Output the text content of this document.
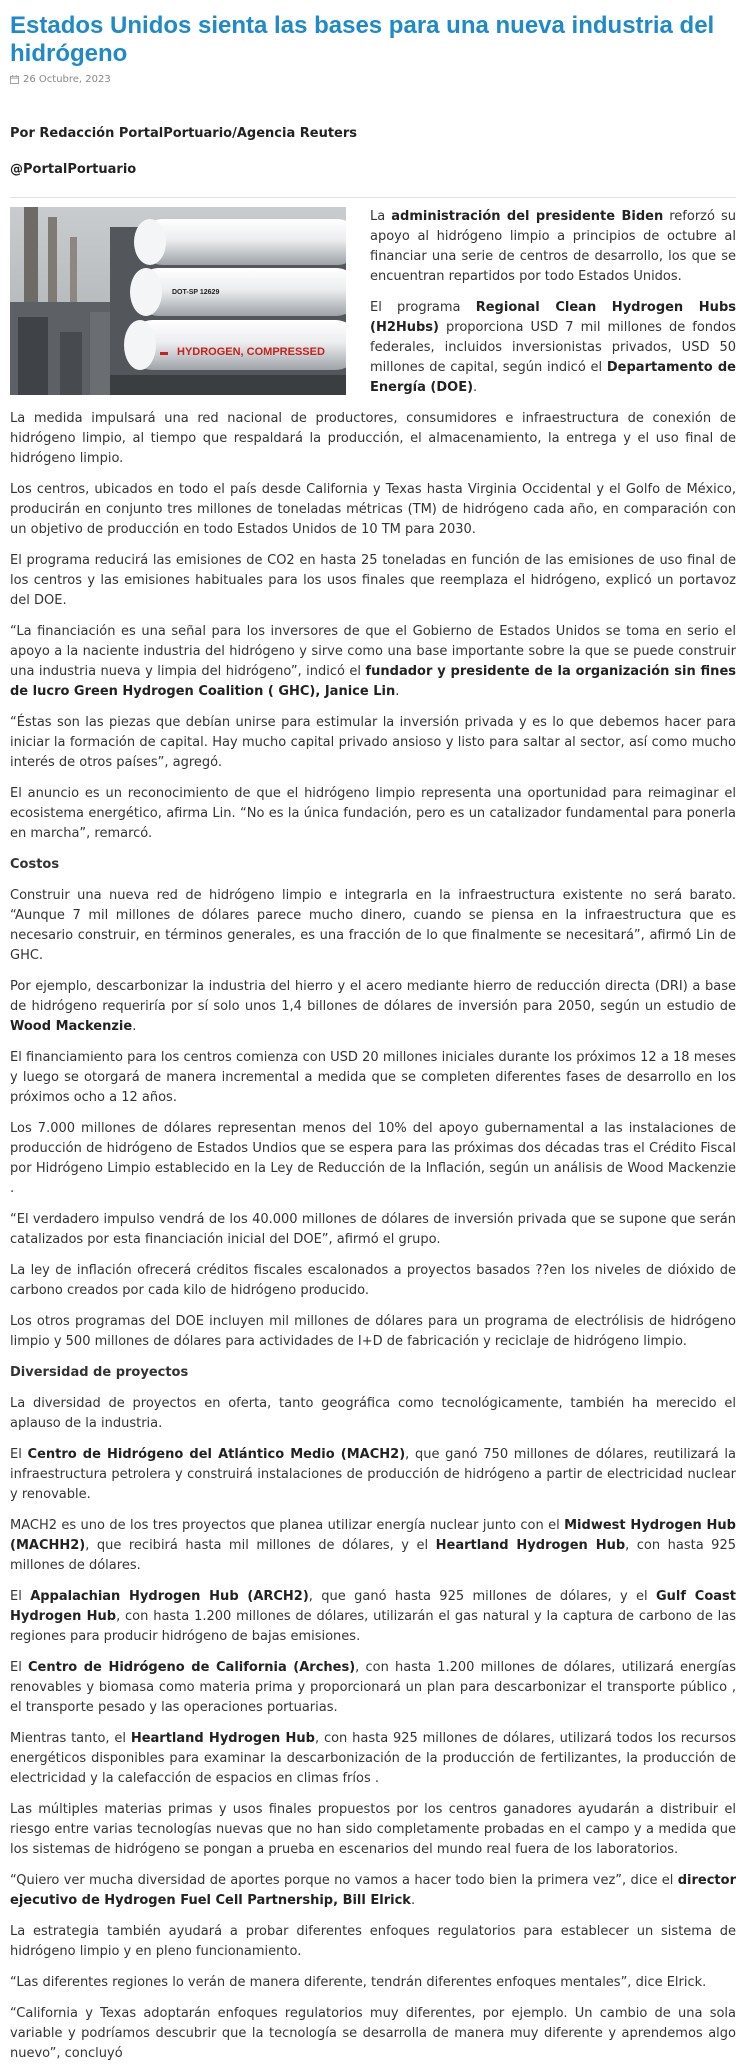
Estados Unidos sienta las bases para una nueva industria del hidrógeno
26 Octubre, 2023

Por Redacción PortalPortuario/Agencia Reuters

@PortalPortuario

DOT-SP 12629
HYDROGEN, COMPRESSED

La administración del presidente Biden reforzó su apoyo al hidrógeno limpio a principios de octubre al financiar una serie de centros de desarrollo, los que se encuentran repartidos por todo Estados Unidos.

El programa Regional Clean Hydrogen Hubs (H2Hubs) proporciona USD 7 mil millones de fondos federales, incluidos inversionistas privados, USD 50 millones de capital, según indicó el Departamento de Energía (DOE).

La medida impulsará una red nacional de productores, consumidores e infraestructura de conexión de hidrógeno limpio, al tiempo que respaldará la producción, el almacenamiento, la entrega y el uso final de hidrógeno limpio.

Los centros, ubicados en todo el país desde California y Texas hasta Virginia Occidental y el Golfo de México, producirán en conjunto tres millones de toneladas métricas (TM) de hidrógeno cada año, en comparación con un objetivo de producción en todo Estados Unidos de 10 TM para 2030.

El programa reducirá las emisiones de CO2 en hasta 25 toneladas en función de las emisiones de uso final de los centros y las emisiones habituales para los usos finales que reemplaza el hidrógeno, explicó un portavoz del DOE.

“La financiación es una señal para los inversores de que el Gobierno de Estados Unidos se toma en serio el apoyo a la naciente industria del hidrógeno y sirve como una base importante sobre la que se puede construir una industria nueva y limpia del hidrógeno”, indicó el fundador y presidente de la organización sin fines de lucro Green Hydrogen Coalition ( GHC), Janice Lin.

“Éstas son las piezas que debían unirse para estimular la inversión privada y es lo que debemos hacer para iniciar la formación de capital. Hay mucho capital privado ansioso y listo para saltar al sector, así como mucho interés de otros países”, agregó.

El anuncio es un reconocimiento de que el hidrógeno limpio representa una oportunidad para reimaginar el ecosistema energético, afirma Lin. “No es la única fundación, pero es un catalizador fundamental para ponerla en marcha”, remarcó.

Costos

Construir una nueva red de hidrógeno limpio e integrarla en la infraestructura existente no será barato. “Aunque 7 mil millones de dólares parece mucho dinero, cuando se piensa en la infraestructura que es necesario construir, en términos generales, es una fracción de lo que finalmente se necesitará”, afirmó Lin de GHC.

Por ejemplo, descarbonizar la industria del hierro y el acero mediante hierro de reducción directa (DRI) a base de hidrógeno requeriría por sí solo unos 1,4 billones de dólares de inversión para 2050, según un estudio de Wood Mackenzie.

El financiamiento para los centros comienza con USD 20 millones iniciales durante los próximos 12 a 18 meses y luego se otorgará de manera incremental a medida que se completen diferentes fases de desarrollo en los próximos ocho a 12 años.

Los 7.000 millones de dólares representan menos del 10% del apoyo gubernamental a las instalaciones de producción de hidrógeno de Estados Undios que se espera para las próximas dos décadas tras el Crédito Fiscal por Hidrógeno Limpio establecido en la Ley de Reducción de la Inflación, según un análisis de Wood Mackenzie .

“El verdadero impulso vendrá de los 40.000 millones de dólares de inversión privada que se supone que serán catalizados por esta financiación inicial del DOE”, afirmó el grupo.

La ley de inflación ofrecerá créditos fiscales escalonados a proyectos basados ??en los niveles de dióxido de carbono creados por cada kilo de hidrógeno producido.

Los otros programas del DOE incluyen mil millones de dólares para un programa de electrólisis de hidrógeno limpio y 500 millones de dólares para actividades de I+D de fabricación y reciclaje de hidrógeno limpio.

Diversidad de proyectos

La diversidad de proyectos en oferta, tanto geográfica como tecnológicamente, también ha merecido el aplauso de la industria.

El Centro de Hidrógeno del Atlántico Medio (MACH2), que ganó 750 millones de dólares, reutilizará la infraestructura petrolera y construirá instalaciones de producción de hidrógeno a partir de electricidad nuclear y renovable.

MACH2 es uno de los tres proyectos que planea utilizar energía nuclear junto con el Midwest Hydrogen Hub (MACHH2), que recibirá hasta mil millones de dólares, y el Heartland Hydrogen Hub, con hasta 925 millones de dólares.

El Appalachian Hydrogen Hub (ARCH2), que ganó hasta 925 millones de dólares, y el Gulf Coast Hydrogen Hub, con hasta 1.200 millones de dólares, utilizarán el gas natural y la captura de carbono de las regiones para producir hidrógeno de bajas emisiones.

El Centro de Hidrógeno de California (Arches), con hasta 1.200 millones de dólares, utilizará energías renovables y biomasa como materia prima y proporcionará un plan para descarbonizar el transporte público , el transporte pesado y las operaciones portuarias.

Mientras tanto, el Heartland Hydrogen Hub, con hasta 925 millones de dólares, utilizará todos los recursos energéticos disponibles para examinar la descarbonización de la producción de fertilizantes, la producción de electricidad y la calefacción de espacios en climas fríos .

Las múltiples materias primas y usos finales propuestos por los centros ganadores ayudarán a distribuir el riesgo entre varias tecnologías nuevas que no han sido completamente probadas en el campo y a medida que los sistemas de hidrógeno se pongan a prueba en escenarios del mundo real fuera de los laboratorios.

“Quiero ver mucha diversidad de aportes porque no vamos a hacer todo bien la primera vez”, dice el director ejecutivo de Hydrogen Fuel Cell Partnership, Bill Elrick.

La estrategia también ayudará a probar diferentes enfoques regulatorios para establecer un sistema de hidrógeno limpio y en pleno funcionamiento.

“Las diferentes regiones lo verán de manera diferente, tendrán diferentes enfoques mentales”, dice Elrick.

“California y Texas adoptarán enfoques regulatorios muy diferentes, por ejemplo. Un cambio de una sola variable y podríamos descubrir que la tecnología se desarrolla de manera muy diferente y aprendemos algo nuevo”, concluyó
